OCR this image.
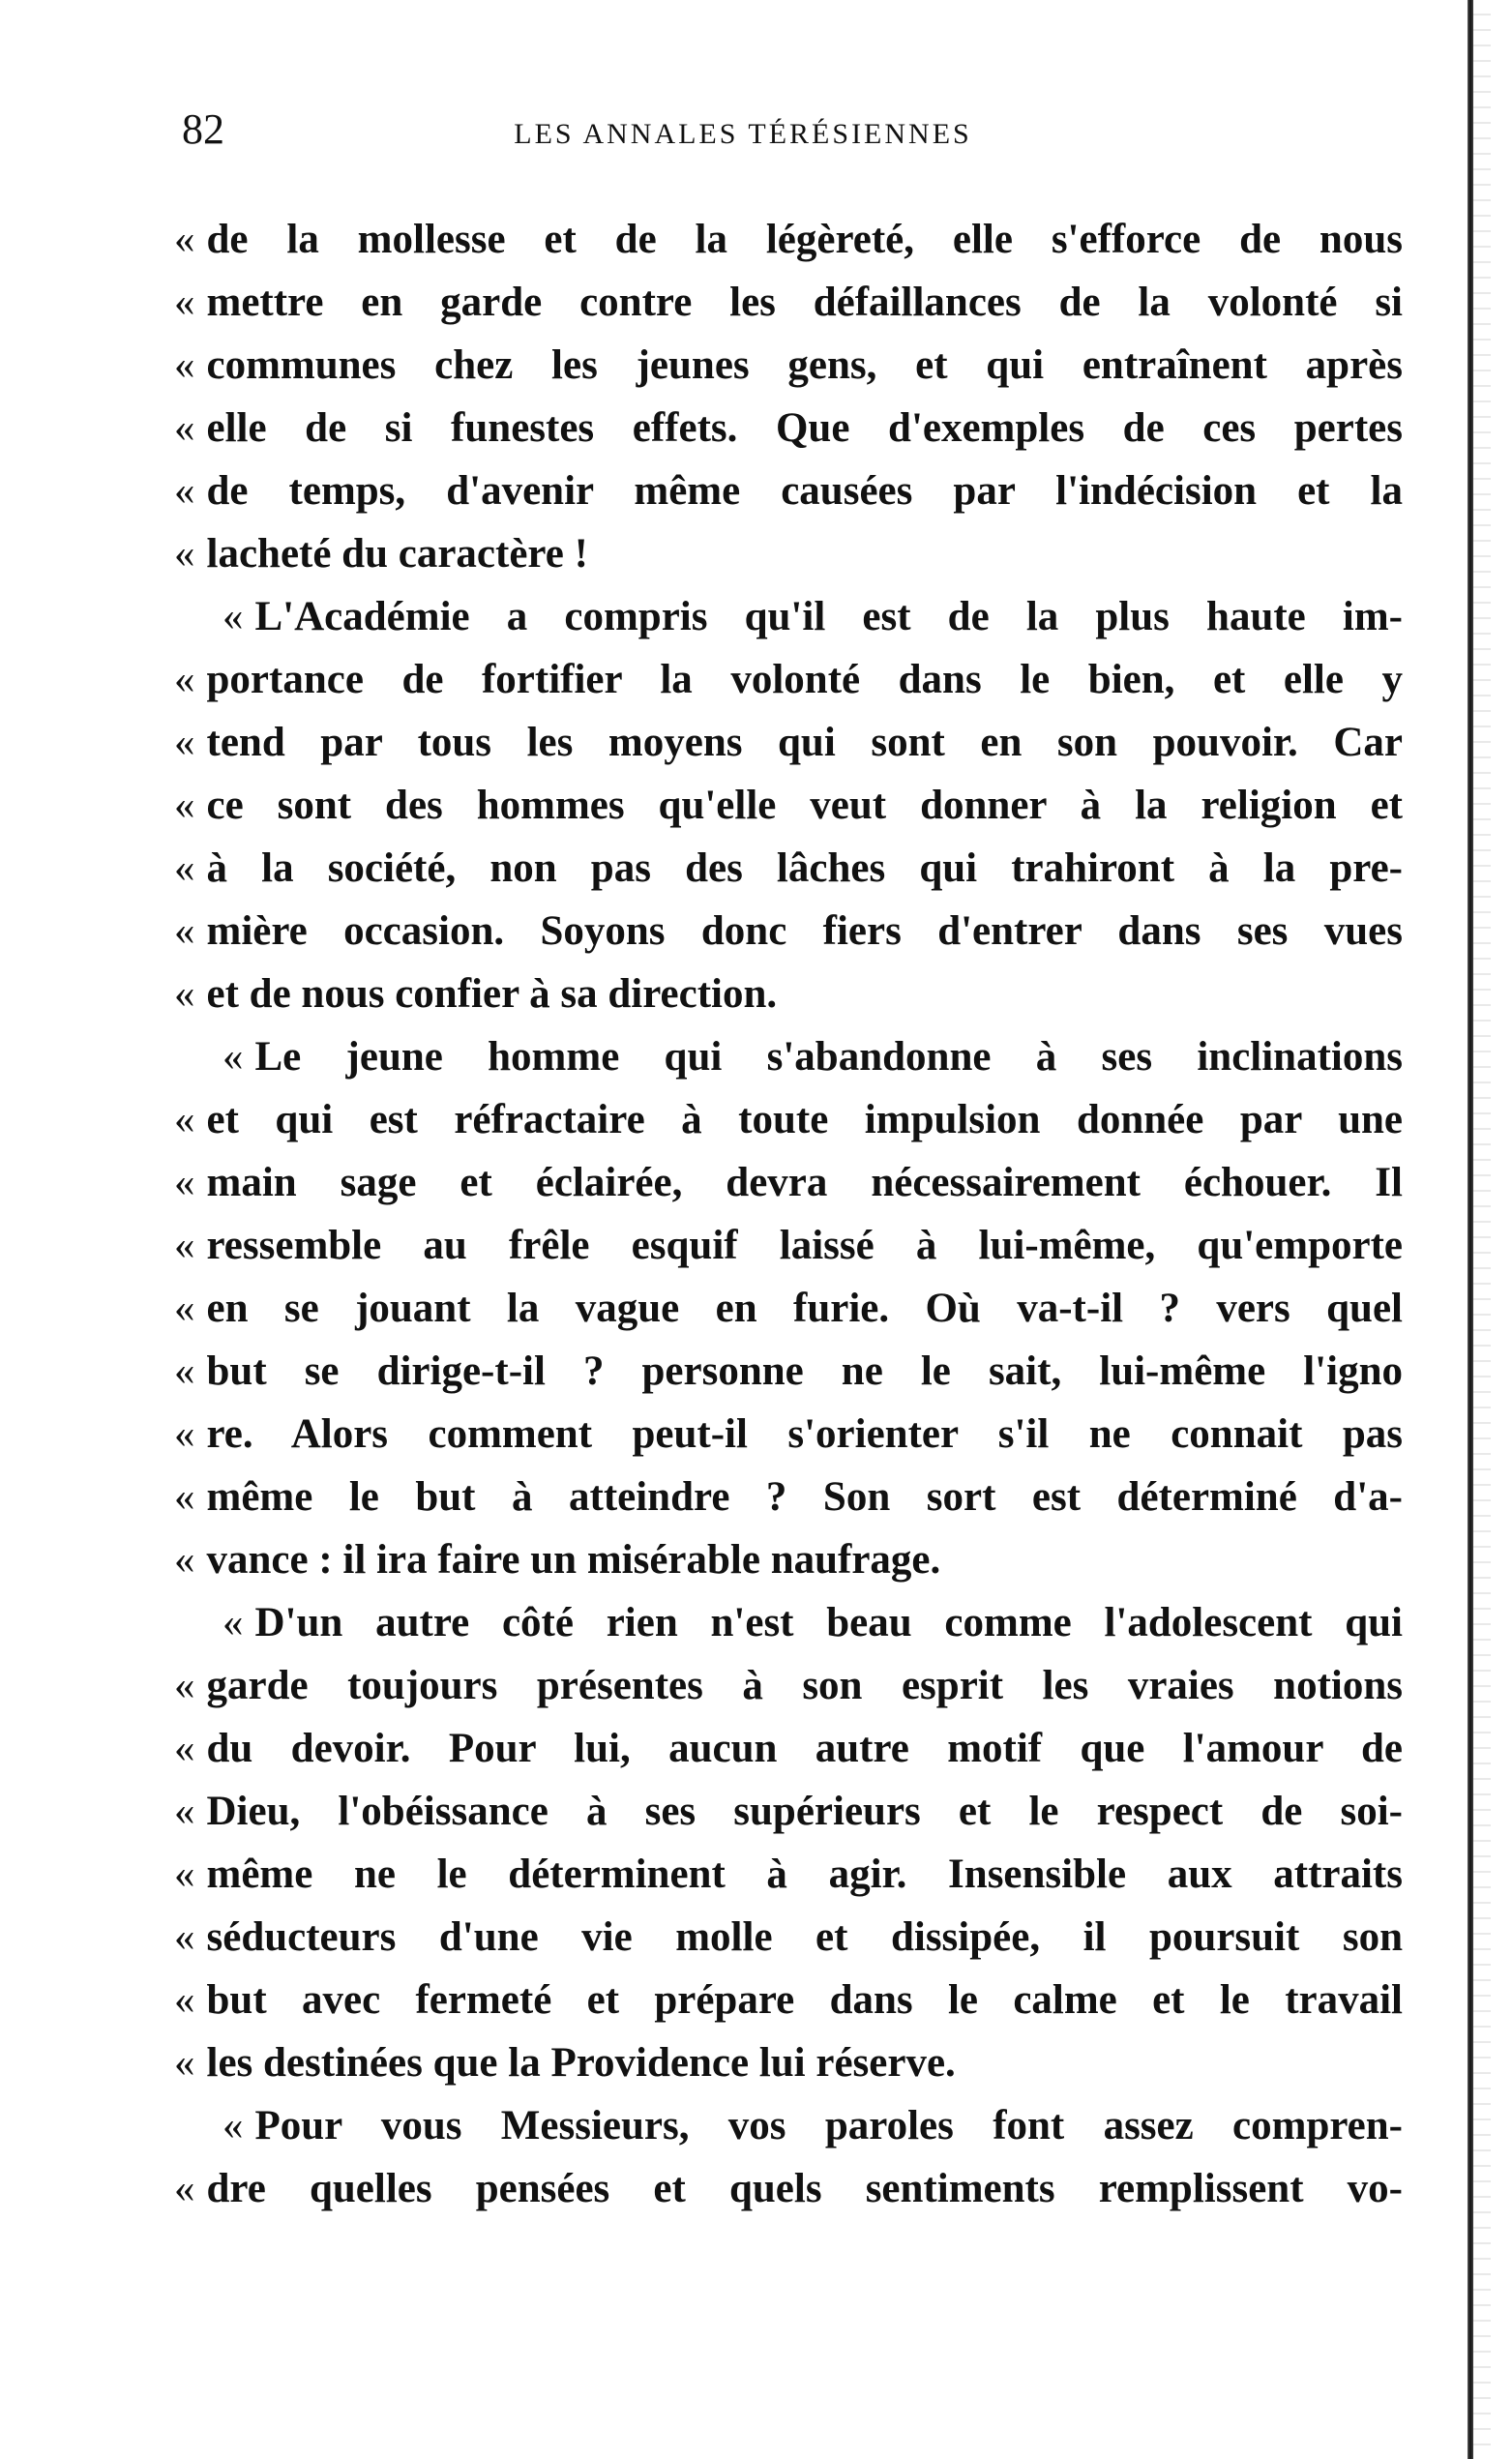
82	LES ANNALES TÉRÉSIENNES
« de la mollesse et de la légèreté, elle s'efforce de nous
« mettre en garde contre les défaillances de la volonté si
« communes chez les jeunes gens, et qui entraînent après
« elle de si funestes effets. Que d'exemples de ces pertes
« de temps, d'avenir même causées par l'indécision et la
« lacheté du caractère !
« L'Académie a compris qu'il est de la plus haute im-
« portance de fortifier la volonté dans le bien, et elle y
« tend par tous les moyens qui sont en son pouvoir. Car
« ce sont des hommes qu'elle veut donner à la religion et
« à la société, non pas des lâches qui trahiront à la pre-
« mière occasion. Soyons donc fiers d'entrer dans ses vues
« et de nous confier à sa direction.
« Le jeune homme qui s'abandonne à ses inclinations
« et qui est réfractaire à toute impulsion donnée par une
« main sage et éclairée, devra nécessairement échouer. Il
« ressemble au frêle esquif laissé à lui-même, qu'emporte
« en se jouant la vague en furie. Où va-t-il ? vers quel
« but se dirige-t-il ? personne ne le sait, lui-même l'igno
« re. Alors comment peut-il s'orienter s'il ne connait pas
« même le but à atteindre ? Son sort est déterminé d'a-
« vance : il ira faire un misérable naufrage.
« D'un autre côté rien n'est beau comme l'adolescent qui
« garde toujours présentes à son esprit les vraies notions
« du devoir. Pour lui, aucun autre motif que l'amour de
« Dieu, l'obéissance à ses supérieurs et le respect de soi-
« même ne le déterminent à agir. Insensible aux attraits
« séducteurs d'une vie molle et dissipée, il poursuit son
« but avec fermeté et prépare dans le calme et le travail
« les destinées que la Providence lui réserve.
« Pour vous Messieurs, vos paroles font assez compren-
« dre quelles pensées et quels sentiments remplissent vo-
